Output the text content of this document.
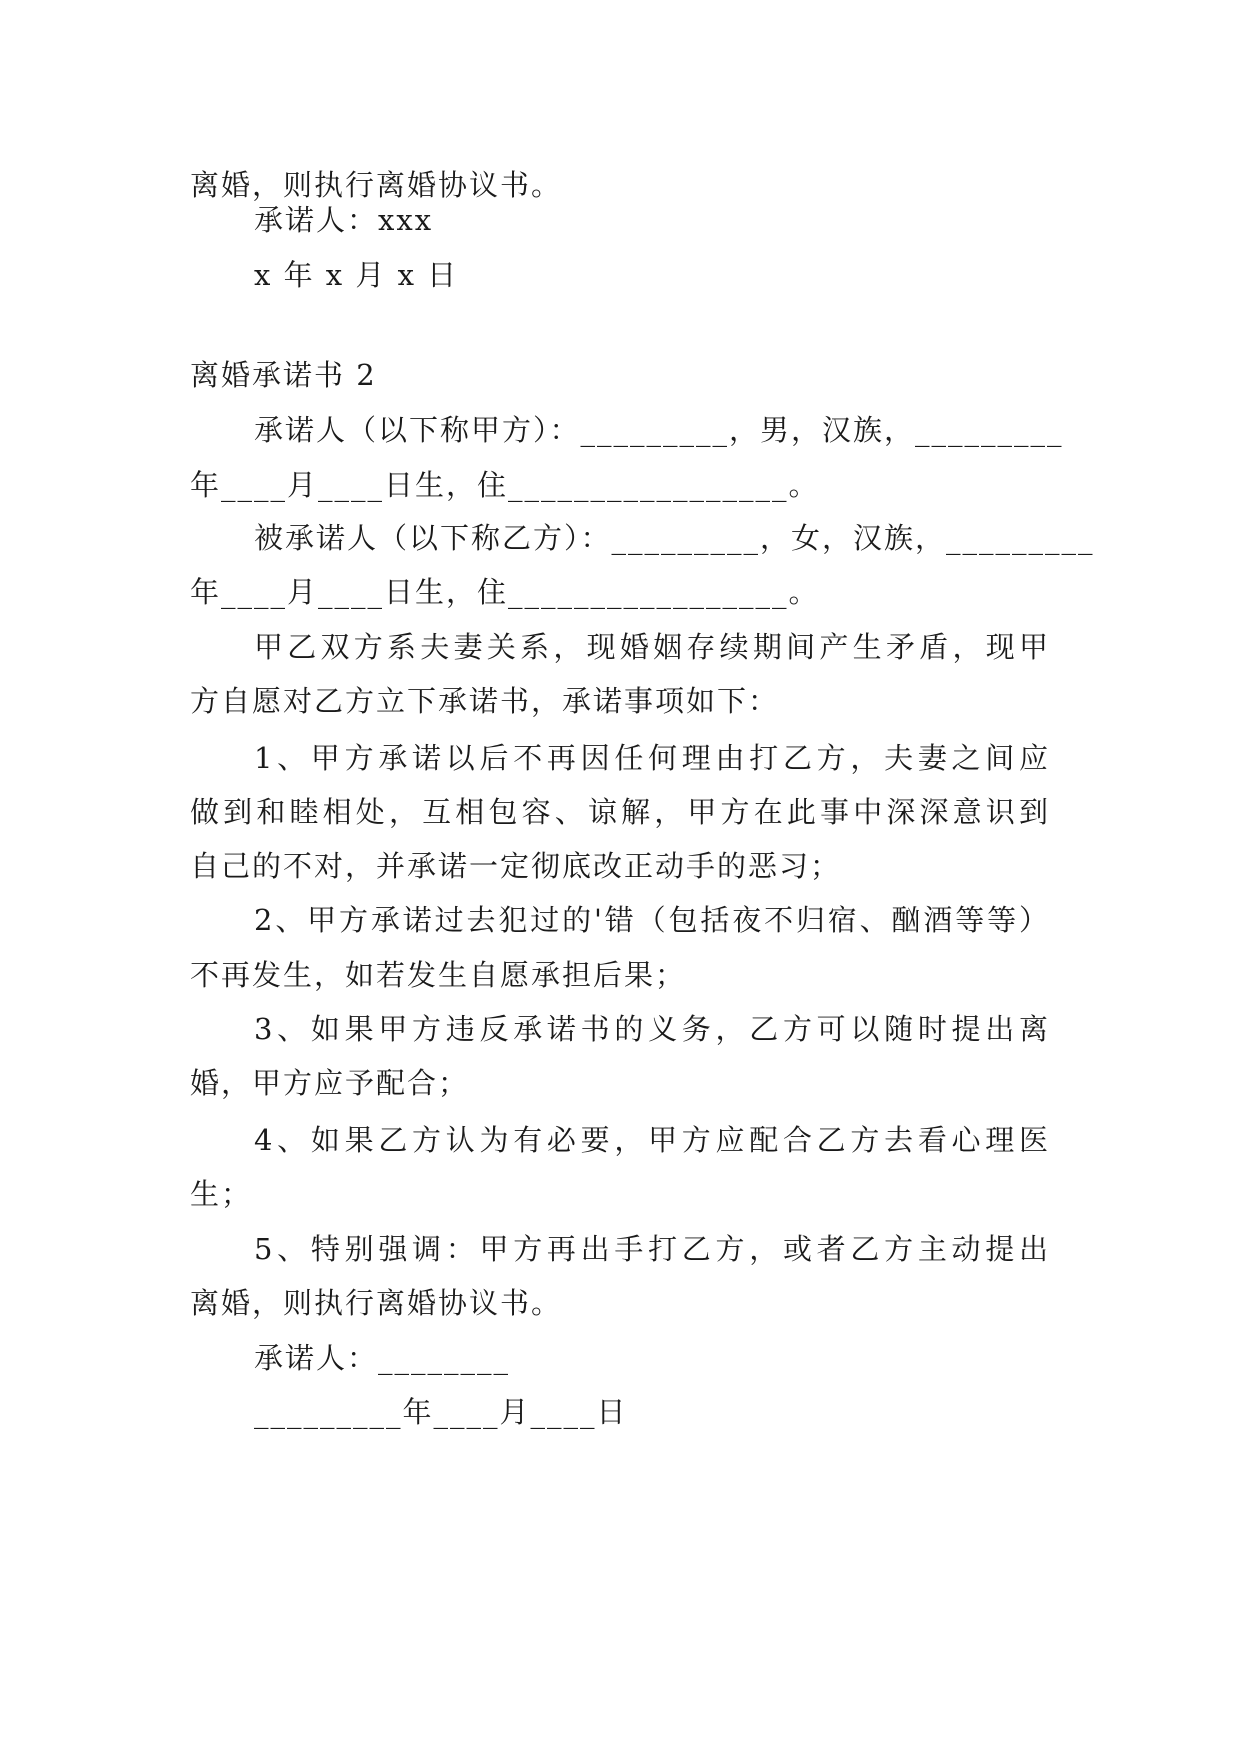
离婚，则执行离婚协议书。
承诺人：xxx
x 年 x 月 x 日
离婚承诺书 2
承诺人（以下称甲方）：_________，男，汉族，_________
年____月____日生，住_________________。
被承诺人（以下称乙方）：_________，女，汉族，_________
年____月____日生，住_________________。
甲乙双方系夫妻关系，现婚姻存续期间产生矛盾，现甲
方自愿对乙方立下承诺书，承诺事项如下：
1、甲方承诺以后不再因任何理由打乙方，夫妻之间应
做到和睦相处，互相包容、谅解，甲方在此事中深深意识到
自己的不对，并承诺一定彻底改正动手的恶习；
2、甲方承诺过去犯过的'错（包括夜不归宿、酗酒等等）
不再发生，如若发生自愿承担后果；
3、如果甲方违反承诺书的义务，乙方可以随时提出离
婚，甲方应予配合；
4、如果乙方认为有必要，甲方应配合乙方去看心理医
生；
5、特别强调：甲方再出手打乙方，或者乙方主动提出
离婚，则执行离婚协议书。
承诺人：________
_________年____月____日
